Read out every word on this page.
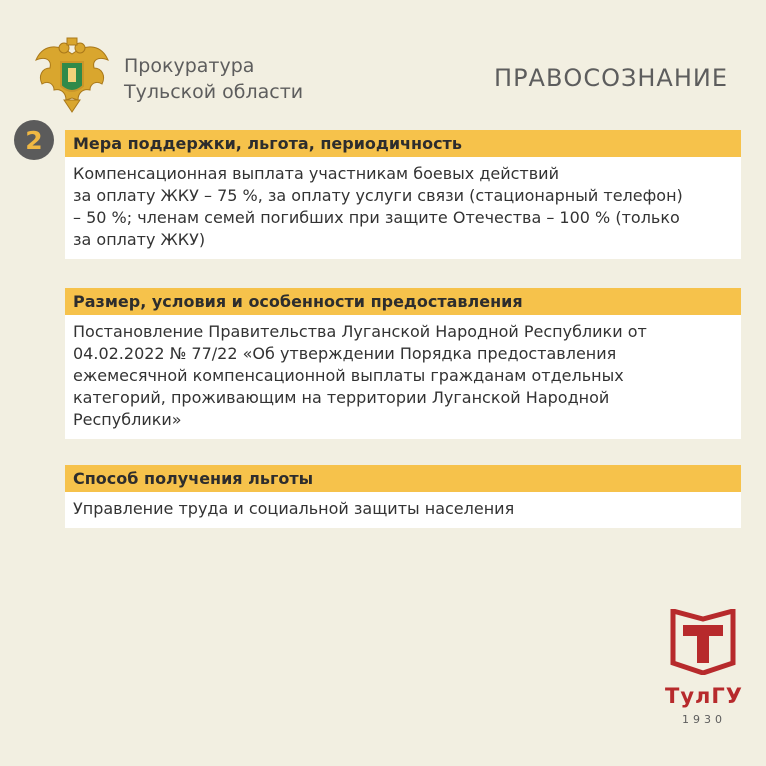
Прокуратура
Тульской области	ПРАВОСОЗНАНИЕ
2	Мера поддержки, льгота, периодичность
Компенсационная выплата участникам боевых действий
за оплату ЖКУ – 75 %, за оплату услуги связи (стационарный телефон)
– 50 %; членам семей погибших при защите Отечества – 100 % (только
за оплату ЖКУ)
Размер, условия и особенности предоставления
Постановление Правительства Луганской Народной Республики от
04.02.2022 № 77/22 «Об утверждении Порядка предоставления
ежемесячной компенсационной выплаты гражданам отдельных
категорий, проживающим на территории Луганской Народной
Республики»
Способ получения льготы
Управление труда и социальной защиты населения
ТулГУ
1930
